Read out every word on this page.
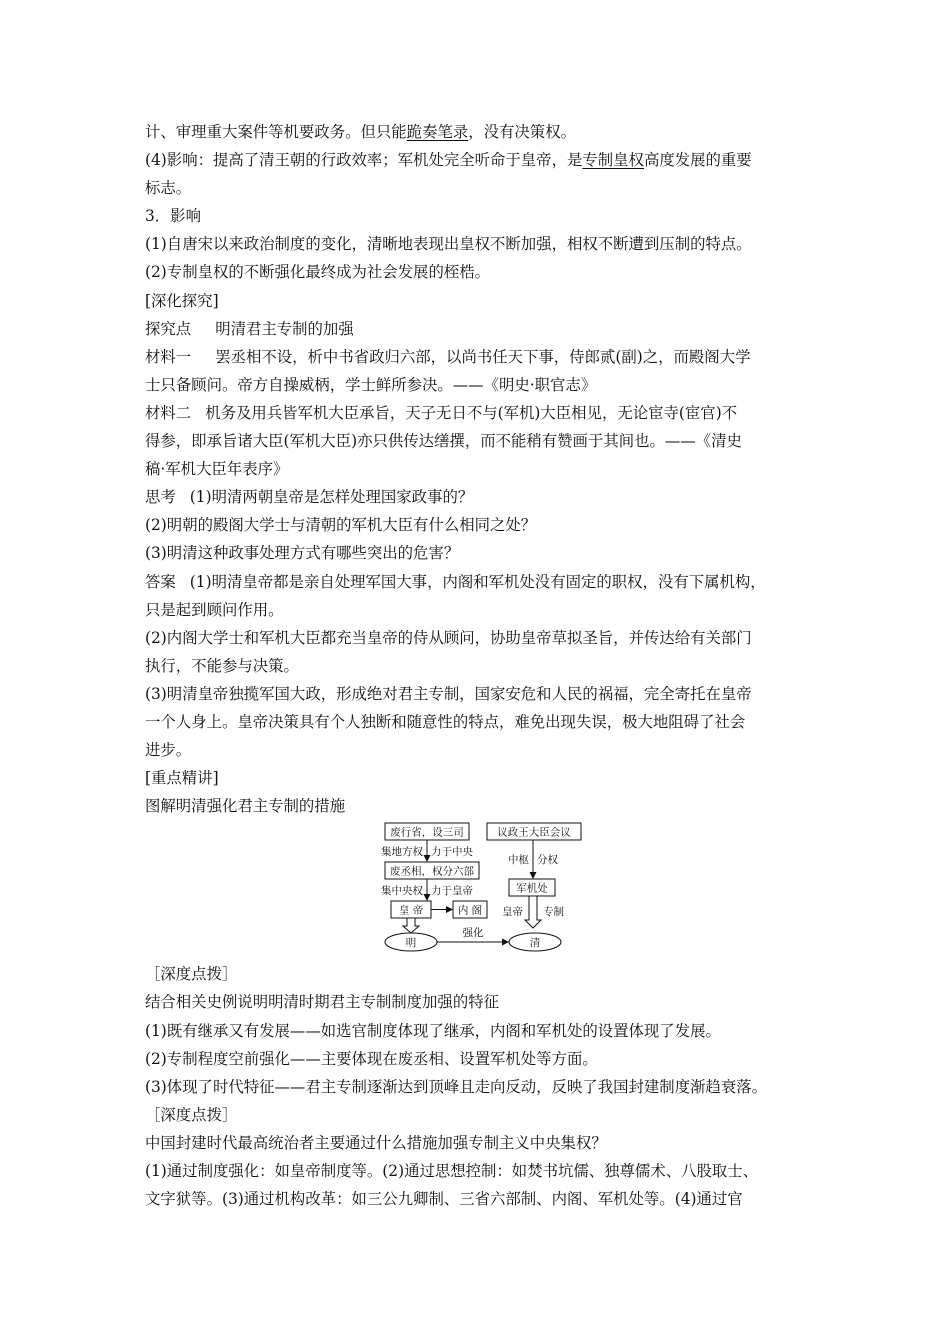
计、审理重大案件等机要政务。但只能跪奏笔录，没有决策权。
(4)影响：提高了清王朝的行政效率；军机处完全听命于皇帝，是专制皇权高度发展的重要
标志。
3．影响
(1)自唐宋以来政治制度的变化，清晰地表现出皇权不断加强，相权不断遭到压制的特点。
(2)专制皇权的不断强化最终成为社会发展的桎梏。
[深化探究]
探究点 明清君主专制的加强
材料一 罢丞相不设，析中书省政归六部，以尚书任天下事，侍郎贰(副)之，而殿阁大学
士只备顾问。帝方自操威柄，学士鲜所参决。——《明史·职官志》
材料二 机务及用兵皆军机大臣承旨，天子无日不与(军机)大臣相见，无论宦寺(宦官)不
得参，即承旨诸大臣(军机大臣)亦只供传达缮撰，而不能稍有赞画于其间也。——《清史
稿·军机大臣年表序》
思考 (1)明清两朝皇帝是怎样处理国家政事的？
(2)明朝的殿阁大学士与清朝的军机大臣有什么相同之处？
(3)明清这种政事处理方式有哪些突出的危害？
答案 (1)明清皇帝都是亲自处理军国大事，内阁和军机处没有固定的职权，没有下属机构，
只是起到顾问作用。
(2)内阁大学士和军机大臣都充当皇帝的侍从顾问，协助皇帝草拟圣旨，并传达给有关部门
执行，不能参与决策。
(3)明清皇帝独揽军国大政，形成绝对君主专制，国家安危和人民的祸福，完全寄托在皇帝
一个人身上。皇帝决策具有个人独断和随意性的特点，难免出现失误，极大地阻碍了社会
进步。
[重点精讲]
图解明清强化君主专制的措施
废行省，设三司
集地方权 力于中央
废丞相，权分六部
集中央权 力于皇帝
皇 帝	内 阁
明
强化
议政王大臣会议
中枢 分权
军机处
皇帝 专制
清
［深度点拨］
结合相关史例说明明清时期君主专制制度加强的特征
(1)既有继承又有发展——如选官制度体现了继承，内阁和军机处的设置体现了发展。
(2)专制程度空前强化——主要体现在废丞相、设置军机处等方面。
(3)体现了时代特征——君主专制逐渐达到顶峰且走向反动，反映了我国封建制度渐趋衰落。
［深度点拨］
中国封建时代最高统治者主要通过什么措施加强专制主义中央集权？
(1)通过制度强化：如皇帝制度等。(2)通过思想控制：如焚书坑儒、独尊儒术、八股取士、
文字狱等。(3)通过机构改革：如三公九卿制、三省六部制、内阁、军机处等。(4)通过官
